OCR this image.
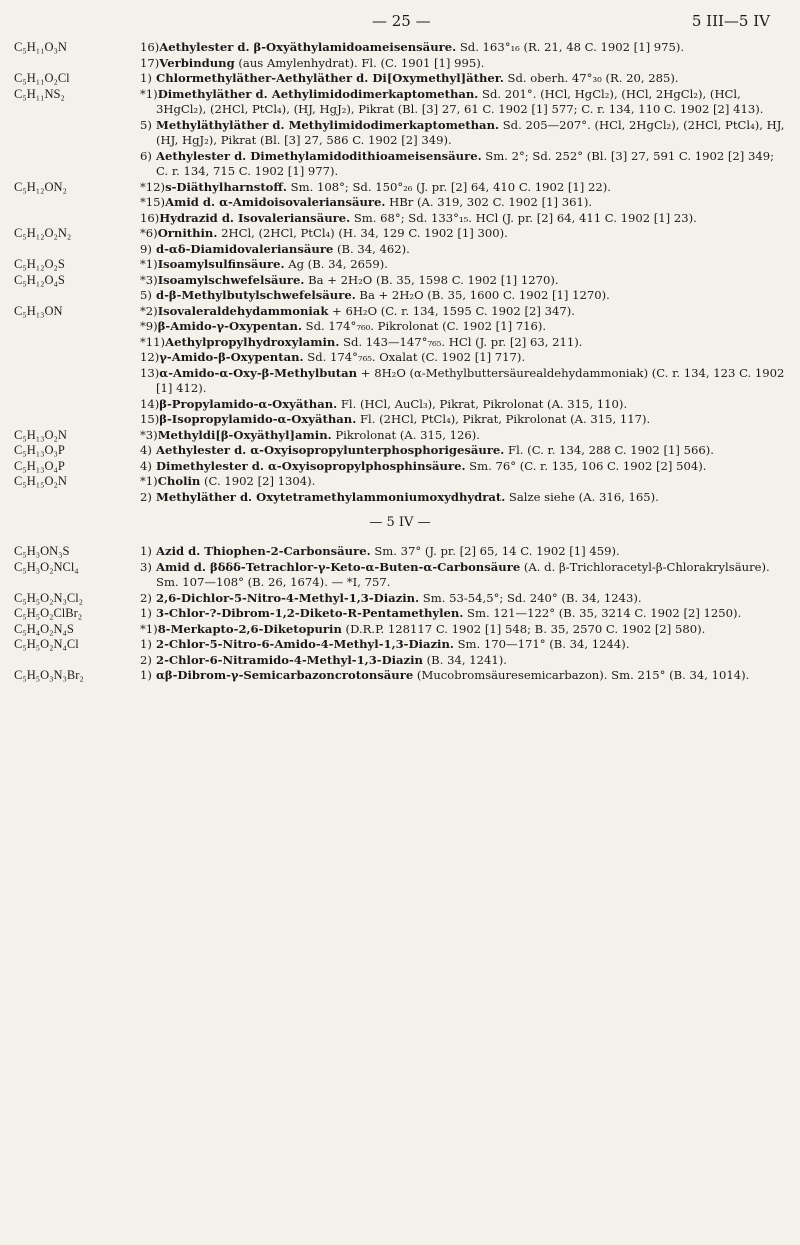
— 25 —	5 III—5 IV
C₅H₁₁O₃N	16)Aethylester d. β-Oxyäthylamidoameisensäure. Sd. 163°₁₆ (R. 21, 48 C. 1902 [1] 975).
17)Verbindung (aus Amylenhydrat). Fl. (C. 1901 [1] 995).
C₅H₁₁O₂Cl	1) Chlormethyläther-Aethyläther d. Di[Oxymethyl]äther. Sd. oberh. 47°₃₀ (R. 20, 285).
C₅H₁₁NS₂	*1)Dimethyläther d. Aethylimidodimerkaptomethan. Sd. 201°. (HCl, HgCl₂), (HCl, 2HgCl₂), (HCl, 3HgCl₂), (2HCl, PtCl₄), (HJ, HgJ₂), Pikrat (Bl. [3] 27, 61 C. 1902 [1] 577; C. r. 134, 110 C. 1902 [2] 413).
5) Methyläthyläther d. Methylimidodimerkaptomethan. Sd. 205—207°. (HCl, 2HgCl₂), (2HCl, PtCl₄), HJ, (HJ, HgJ₂), Pikrat (Bl. [3] 27, 586 C. 1902 [2] 349).
6) Aethylester d. Dimethylamidodithioameisensäure. Sm. 2°; Sd. 252° (Bl. [3] 27, 591 C. 1902 [2] 349; C. r. 134, 715 C. 1902 [1] 977).
C₅H₁₂ON₂	*12)s-Diäthylharnstoff. Sm. 108°; Sd. 150°₂₆ (J. pr. [2] 64, 410 C. 1902 [1] 22).
*15)Amid d. α-Amidoisovaleriansäure. HBr (A. 319, 302 C. 1902 [1] 361).
16)Hydrazid d. Isovaleriansäure. Sm. 68°; Sd. 133°₁₅. HCl (J. pr. [2] 64, 411 C. 1902 [1] 23).
C₅H₁₂O₂N₂	*6)Ornithin. 2HCl, (2HCl, PtCl₄) (H. 34, 129 C. 1902 [1] 300).
9) d-αδ-Diamidovaleriansäure (B. 34, 462).
C₅H₁₂O₂S	*1)Isoamylsulfinsäure. Ag (B. 34, 2659).
C₅H₁₂O₄S	*3)Isoamylschwefelsäure. Ba + 2H₂O (B. 35, 1598 C. 1902 [1] 1270).
5) d-β-Methylbutylschwefelsäure. Ba + 2H₂O (B. 35, 1600 C. 1902 [1] 1270).
C₅H₁₃ON	*2)Isovaleraldehydammoniak + 6H₂O (C. r. 134, 1595 C. 1902 [2] 347).
*9)β-Amido-γ-Oxypentan. Sd. 174°₇₆₀. Pikrolonat (C. 1902 [1] 716).
*11)Aethylpropylhydroxylamin. Sd. 143—147°₇₆₅. HCl (J. pr. [2] 63, 211).
12)γ-Amido-β-Oxypentan. Sd. 174°₇₆₅. Oxalat (C. 1902 [1] 717).
13)α-Amido-α-Oxy-β-Methylbutan + 8H₂O (α-Methylbuttersäurealdehydammoniak) (C. r. 134, 123 C. 1902 [1] 412).
14)β-Propylamido-α-Oxyäthan. Fl. (HCl, AuCl₃), Pikrat, Pikrolonat (A. 315, 110).
15)β-Isopropylamido-α-Oxyäthan. Fl. (2HCl, PtCl₄), Pikrat, Pikrolonat (A. 315, 117).
C₅H₁₃O₂N	*3)Methyldi[β-Oxyäthyl]amin. Pikrolonat (A. 315, 126).
C₅H₁₃O₃P	4) Aethylester d. α-Oxyisopropylunterphosphorigesäure. Fl. (C. r. 134, 288 C. 1902 [1] 566).
C₅H₁₃O₄P	4) Dimethylester d. α-Oxyisopropylphosphinsäure. Sm. 76° (C. r. 135, 106 C. 1902 [2] 504).
C₅H₁₅O₂N	*1)Cholin (C. 1902 [2] 1304).
2) Methyläther d. Oxytetramethylammoniumoxydhydrat. Salze siehe (A. 316, 165).
— 5 IV —
C₅H₃ON₃S	1) Azid d. Thiophen-2-Carbonsäure. Sm. 37° (J. pr. [2] 65, 14 C. 1902 [1] 459).
C₅H₃O₂NCl₄	3) Amid d. βδδδ-Tetrachlor-γ-Keto-α-Buten-α-Carbonsäure (A. d. β-Trichloracetyl-β-Chlorakrylsäure). Sm. 107—108° (B. 26, 1674). — *I, 757.
C₅H₅O₂N₃Cl₂	2) 2,6-Dichlor-5-Nitro-4-Methyl-1,3-Diazin. Sm. 53-54,5°; Sd. 240° (B. 34, 1243).
C₅H₅O₂ClBr₂	1) 3-Chlor-?-Dibrom-1,2-Diketo-R-Pentamethylen. Sm. 121—122° (B. 35, 3214 C. 1902 [2] 1250).
C₅H₄O₂N₄S	*1)8-Merkapto-2,6-Diketopurin (D.R.P. 128117 C. 1902 [1] 548; B. 35, 2570 C. 1902 [2] 580).
C₅H₅O₂N₄Cl	1) 2-Chlor-5-Nitro-6-Amido-4-Methyl-1,3-Diazin. Sm. 170—171° (B. 34, 1244).
2) 2-Chlor-6-Nitramido-4-Methyl-1,3-Diazin (B. 34, 1241).
C₅H₅O₃N₃Br₂	1) αβ-Dibrom-γ-Semicarbazoncrotonsäure (Mucobromsäuresemicarbazon). Sm. 215° (B. 34, 1014).
